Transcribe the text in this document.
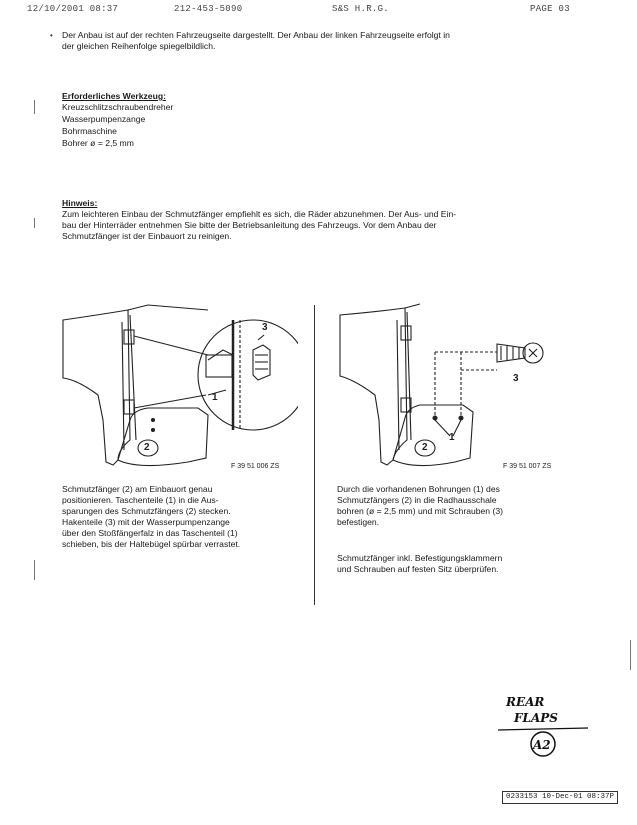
12/10/2001 08:37	212-453-5090	S&S H.R.G.	PAGE 03
• Der Anbau ist auf der rechten Fahrzeugseite dargestellt. Der Anbau der linken Fahrzeugseite erfolgt in
der gleichen Reihenfolge spiegelbildlich.
Erforderliches Werkzeug:
Kreuzschlitzschraubendreher
Wasserpumpenzange
Bohrmaschine
Bohrer ø = 2,5 mm
Hinweis:
Zum leichteren Einbau der Schmutzfänger empfiehlt es sich, die Räder abzunehmen. Der Aus- und Ein-
bau der Hinterräder entnehmen Sie bitte der Betriebsanleitung des Fahrzeugs. Vor dem Anbau der
Schmutzfänger ist der Einbauort zu reinigen.
3
1
2
F 39 51 006 ZS
3
1
2
F 39 51 007 ZS
Schmutzfänger (2) am Einbauort genau
positionieren. Taschenteile (1) in die Aus-
sparungen des Schmutzfängers (2) stecken.
Hakenteile (3) mit der Wasserpumpenzange
über den Stoßfängerfalz in das Taschenteil (1)
schieben, bis der Haltebügel spürbar verrastet.
Durch die vorhandenen Bohrungen (1) des
Schmutzfängers (2) in die Radhausschale
bohren (ø = 2,5 mm) und mit Schrauben (3)
befestigen.
Schmutzfänger inkl. Befestigungsklammern
und Schrauben auf festen Sitz überprüfen.
REAR
FLAPS
A2
0233153 10-Dec-01 08:37P
